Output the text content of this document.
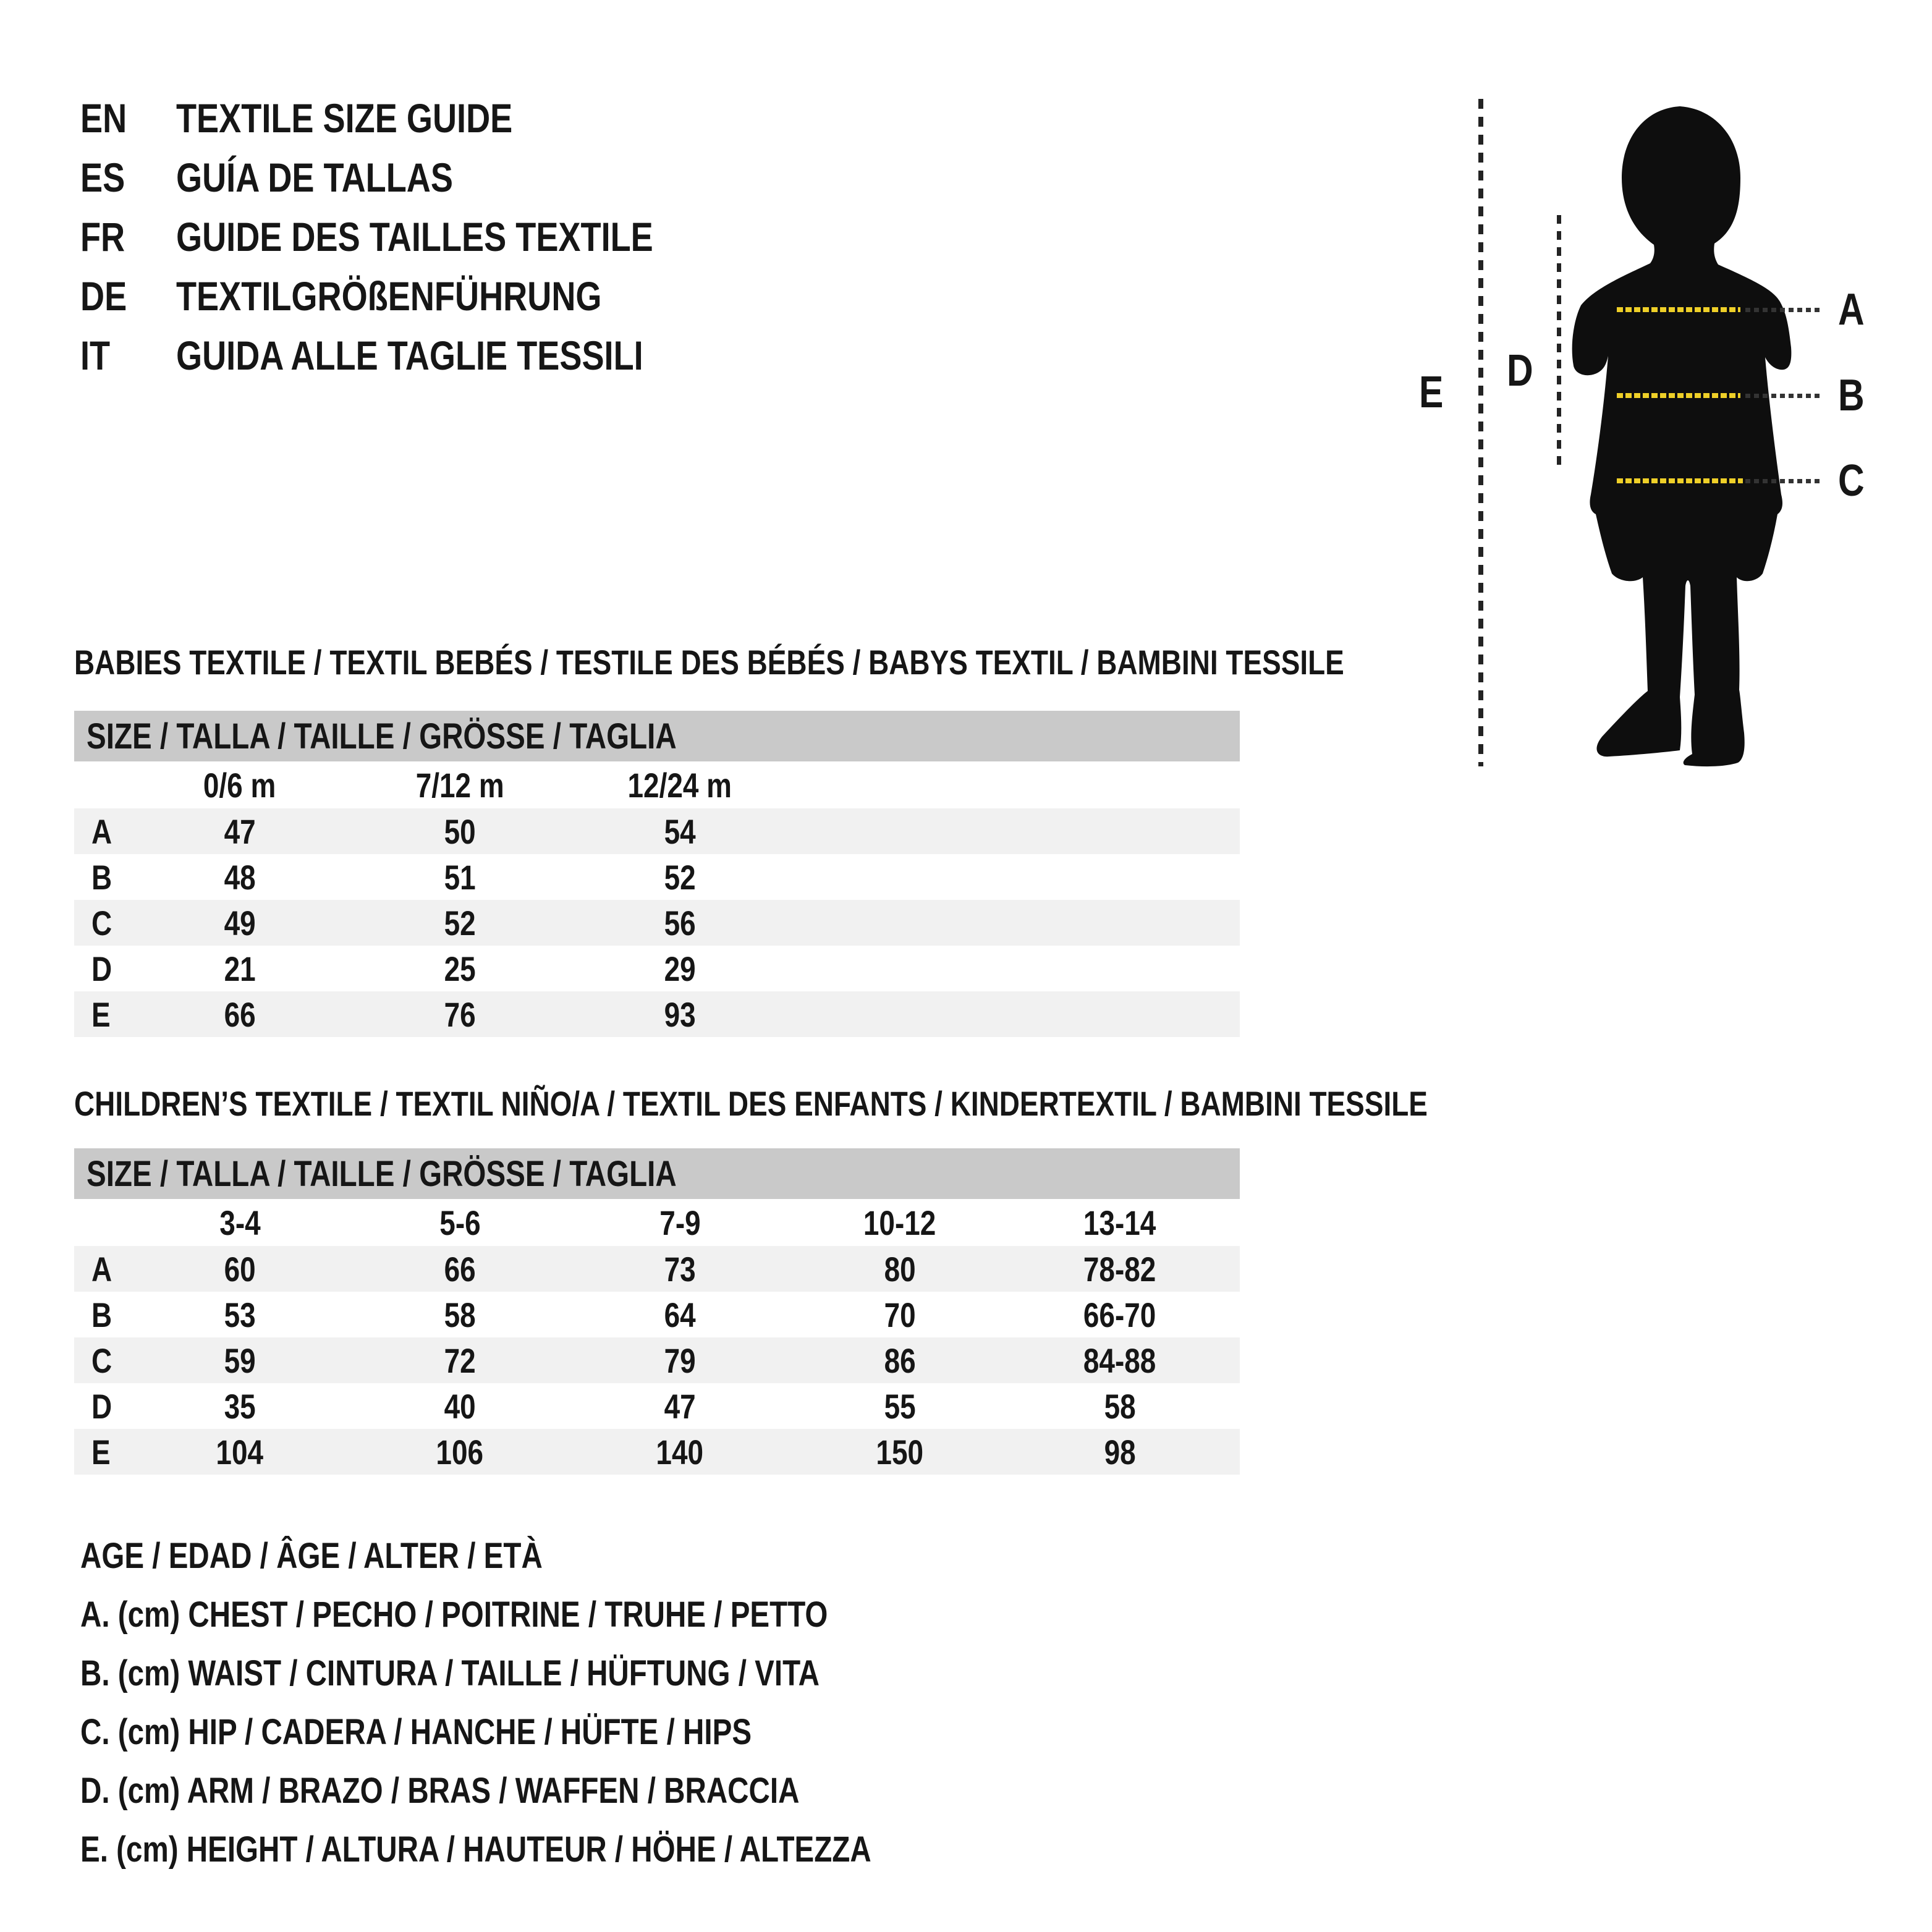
EN	TEXTILE SIZE GUIDE
ES	GUÍA DE TALLAS
FR	GUIDE DES TAILLES TEXTILE
DE	TEXTILGRÖßENFÜHRUNG
IT	GUIDA ALLE TAGLIE TESSILI
E D
A
B
C
BABIES TEXTILE / TEXTIL BEBÉS / TESTILE DES BÉBÉS / BABYS TEXTIL / BAMBINI TESSILE
SIZE / TALLA / TAILLE / GRÖSSE / TAGLIA
0/6 m	7/12 m	12/24 m
A	47	50	54
B	48	51	52
C	49	52	56
D	21	25	29
E	66	76	93
CHILDREN’S TEXTILE / TEXTIL NIÑO/A / TEXTIL DES ENFANTS / KINDERTEXTIL / BAMBINI TESSILE
SIZE / TALLA / TAILLE / GRÖSSE / TAGLIA
3-4	5-6	7-9	10-12	13-14
A	60	66	73	80	78-82
B	53	58	64	70	66-70
C	59	72	79	86	84-88
D	35	40	47	55	58
E	104	106	140	150	98
AGE / EDAD / ÂGE / ALTER / ETÀ
A. (cm) CHEST / PECHO / POITRINE / TRUHE / PETTO
B. (cm) WAIST / CINTURA / TAILLE / HÜFTUNG / VITA
C. (cm) HIP / CADERA / HANCHE / HÜFTE / HIPS
D. (cm) ARM / BRAZO / BRAS / WAFFEN / BRACCIA
E. (cm) HEIGHT / ALTURA / HAUTEUR / HÖHE / ALTEZZA
